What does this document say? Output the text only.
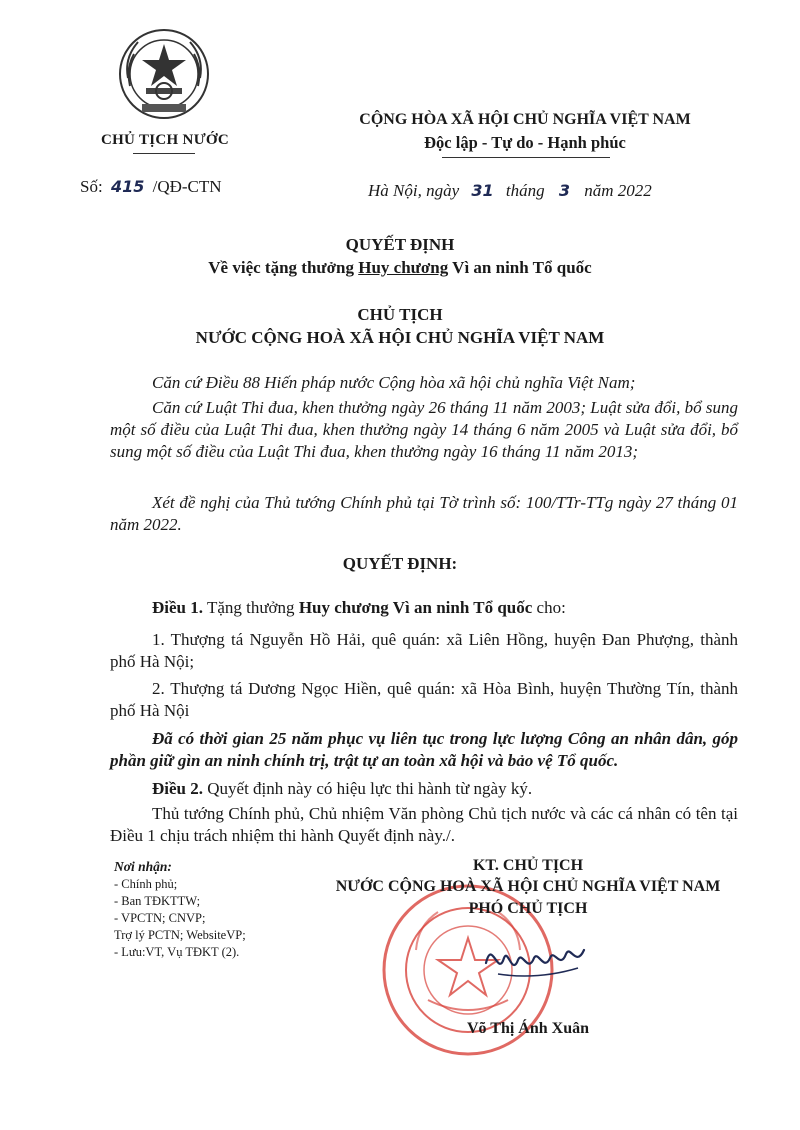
CHỦ TỊCH NƯỚC
Số: 415 /QĐ-CTN
CỘNG HÒA XÃ HỘI CHỦ NGHĨA VIỆT NAM
Độc lập - Tự do - Hạnh phúc
Hà Nội, ngày 31 tháng 3 năm 2022
QUYẾT ĐỊNH
Về việc tặng thưởng Huy chương Vì an ninh Tổ quốc
CHỦ TỊCH
NƯỚC CỘNG HOÀ XÃ HỘI CHỦ NGHĨA VIỆT NAM
Căn cứ Điều 88 Hiến pháp nước Cộng hòa xã hội chủ nghĩa Việt Nam;
Căn cứ Luật Thi đua, khen thưởng ngày 26 tháng 11 năm 2003; Luật sửa đổi, bổ sung một số điều của Luật Thi đua, khen thưởng ngày 14 tháng 6 năm 2005 và Luật sửa đổi, bổ sung một số điều của Luật Thi đua, khen thưởng ngày 16 tháng 11 năm 2013;
Xét đề nghị của Thủ tướng Chính phủ tại Tờ trình số: 100/TTr-TTg ngày 27 tháng 01 năm 2022.
QUYẾT ĐỊNH:
Điều 1. Tặng thưởng Huy chương Vì an ninh Tổ quốc cho:
1. Thượng tá Nguyễn Hồ Hải, quê quán: xã Liên Hồng, huyện Đan Phượng, thành phố Hà Nội;
2. Thượng tá Dương Ngọc Hiền, quê quán: xã Hòa Bình, huyện Thường Tín, thành phố Hà Nội
Đã có thời gian 25 năm phục vụ liên tục trong lực lượng Công an nhân dân, góp phần giữ gìn an ninh chính trị, trật tự an toàn xã hội và bảo vệ Tổ quốc.
Điều 2. Quyết định này có hiệu lực thi hành từ ngày ký.
Thủ tướng Chính phủ, Chủ nhiệm Văn phòng Chủ tịch nước và các cá nhân có tên tại Điều 1 chịu trách nhiệm thi hành Quyết định này./.
Nơi nhận:
- Chính phủ;
- Ban TĐKTTW;
- VPCTN; CNVP;
Trợ lý PCTN; WebsiteVP;
- Lưu:VT, Vụ TĐKT (2).
KT. CHỦ TỊCH
NƯỚC CỘNG HOÀ XÃ HỘI CHỦ NGHĨA VIỆT NAM
PHÓ CHỦ TỊCH
Võ Thị Ánh Xuân
